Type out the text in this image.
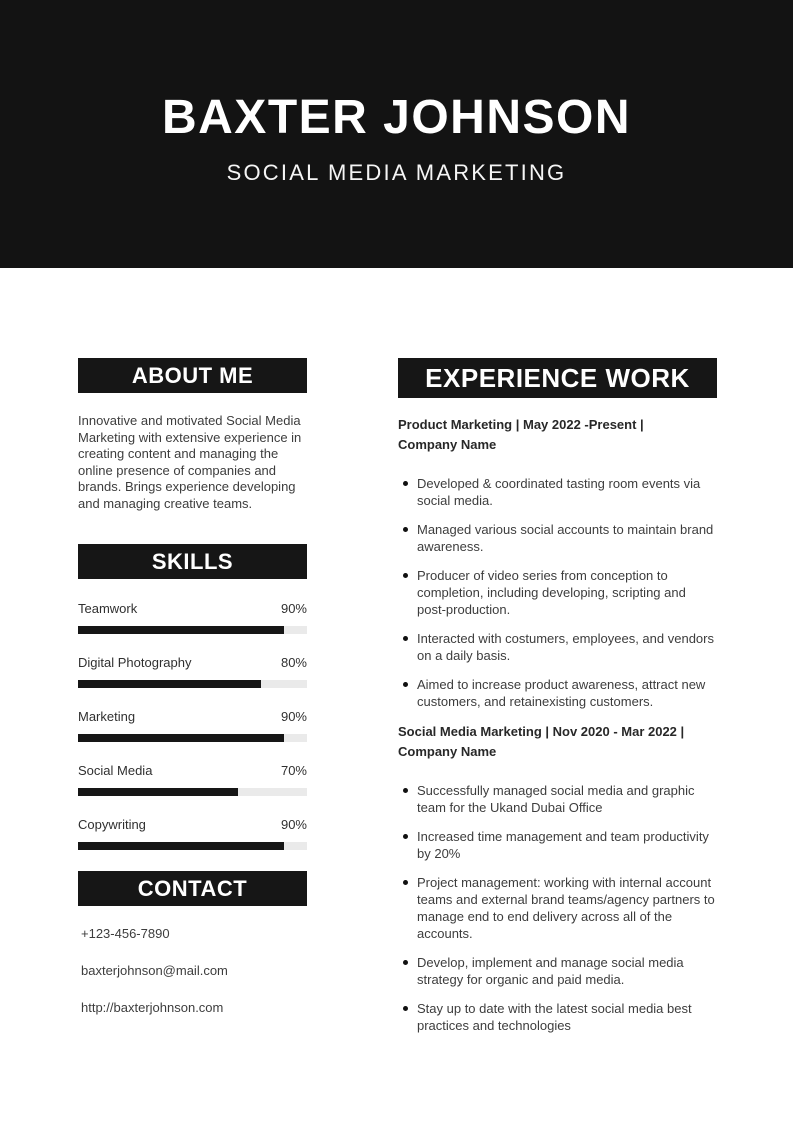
BAXTER JOHNSON
SOCIAL MEDIA MARKETING
ABOUT ME

Innovative and motivated Social Media Marketing with extensive experience in creating content and managing the online presence of companies and brands. Brings experience developing and managing creative teams.

SKILLS
Teamwork	90%
Digital Photography	80%
Marketing	90%
Social Media	70%
Copywriting	90%
CONTACT
+123-456-7890
baxterjohnson@mail.com
http://baxterjohnson.com
EXPERIENCE WORK
Product Marketing | May 2022 -Present |
Company Name
Developed & coordinated tasting room events via social media.
Managed various social accounts to maintain brand awareness.
Producer of video series from conception to completion, including developing, scripting and post-production.
Interacted with costumers, employees, and vendors on a daily basis.
Aimed to increase product awareness, attract new customers, and retainexisting customers.
Social Media Marketing | Nov 2020 - Mar 2022 |
Company Name
Successfully managed social media and graphic team for the Ukand Dubai Office
Increased time management and team productivity by 20%
Project management: working with internal account teams and external brand teams/agency partners to manage end to end delivery across all of the accounts.
Develop, implement and manage social media strategy for organic and paid media.
Stay up to date with the latest social media best practices and technologies
